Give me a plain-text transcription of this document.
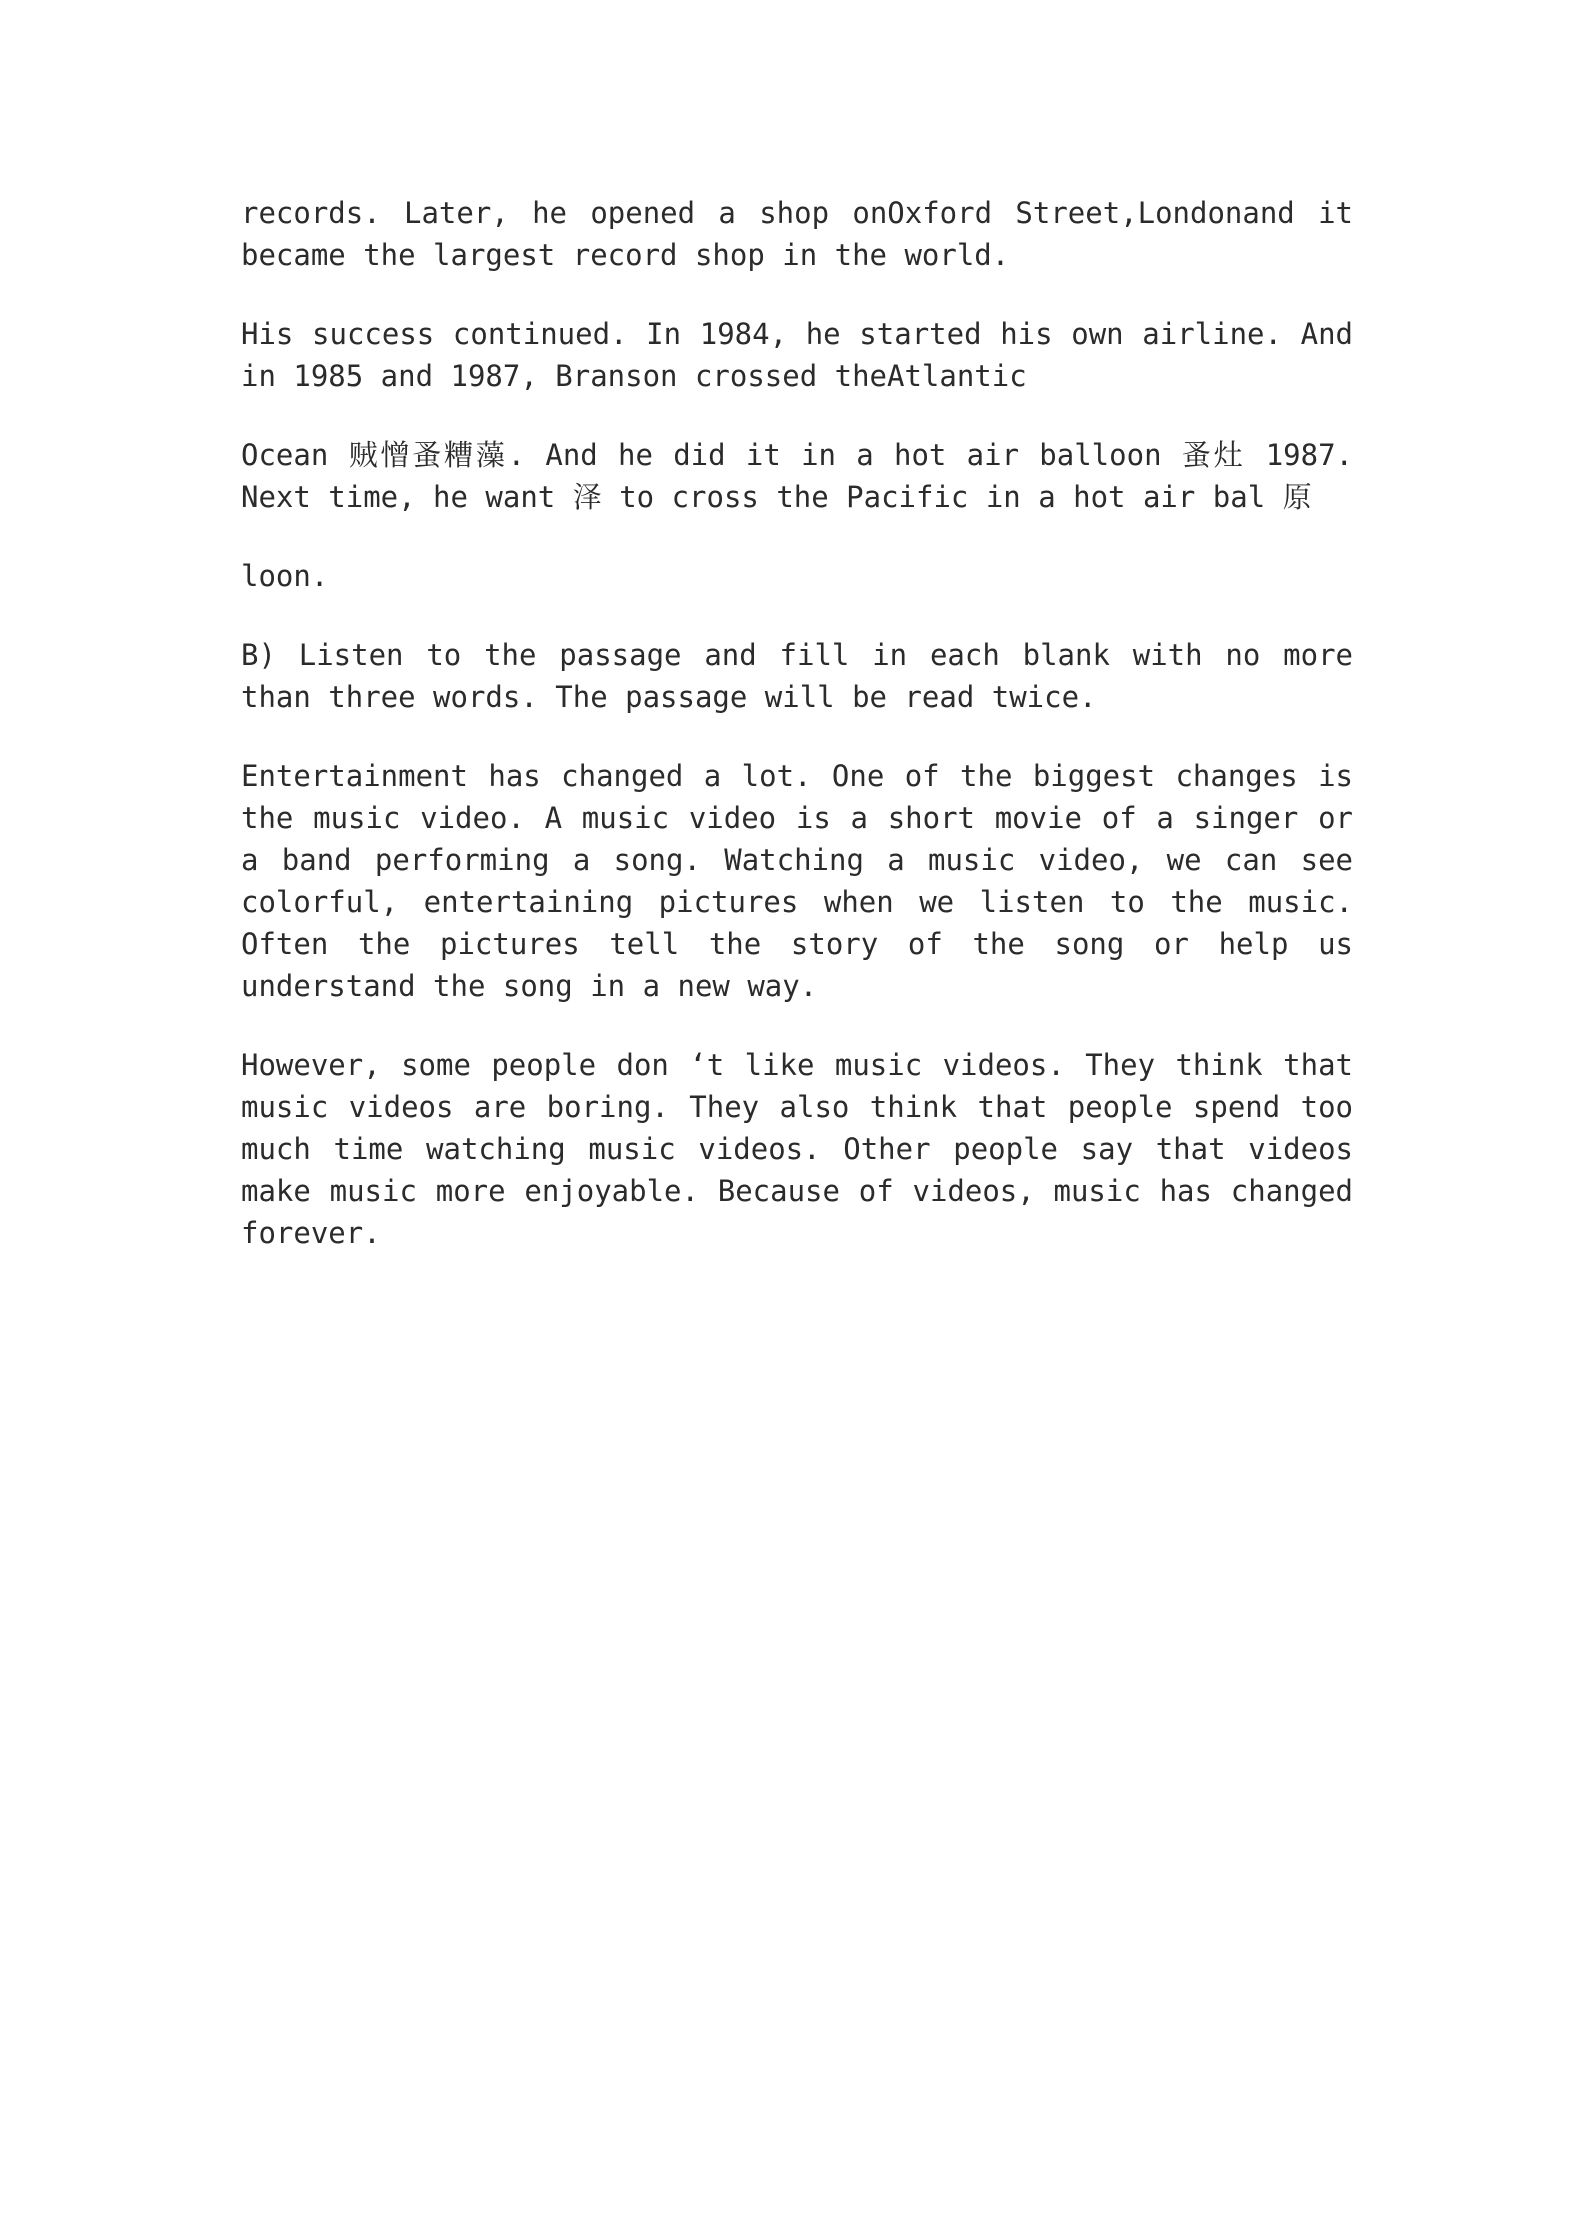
records. Later, he opened a shop onOxford Street,Londonand it became the largest record shop in the world.

His success continued. In 1984, he started his own airline. And in 1985 and 1987, Branson crossed theAtlantic

Ocean 贼憎蚤糟藻. And he did it in a hot air balloon 蚤灶 1987. Next time, he want 泽 to cross the Pacific in a hot air bal 原

loon.

B) Listen to the passage and fill in each blank with no more than three words. The passage will be read twice.

Entertainment has changed a lot. One of the biggest changes is the music video. A music video is a short movie of a singer or a band performing a song. Watching a music video, we can see colorful, entertaining pictures when we listen to the music. Often the pictures tell the story of the song or help us understand the song in a new way.

However, some people don ‘t like music videos. They think that music videos are boring. They also think that people spend too much time watching music videos. Other people say that videos make music more enjoyable. Because of videos, music has changed forever.
